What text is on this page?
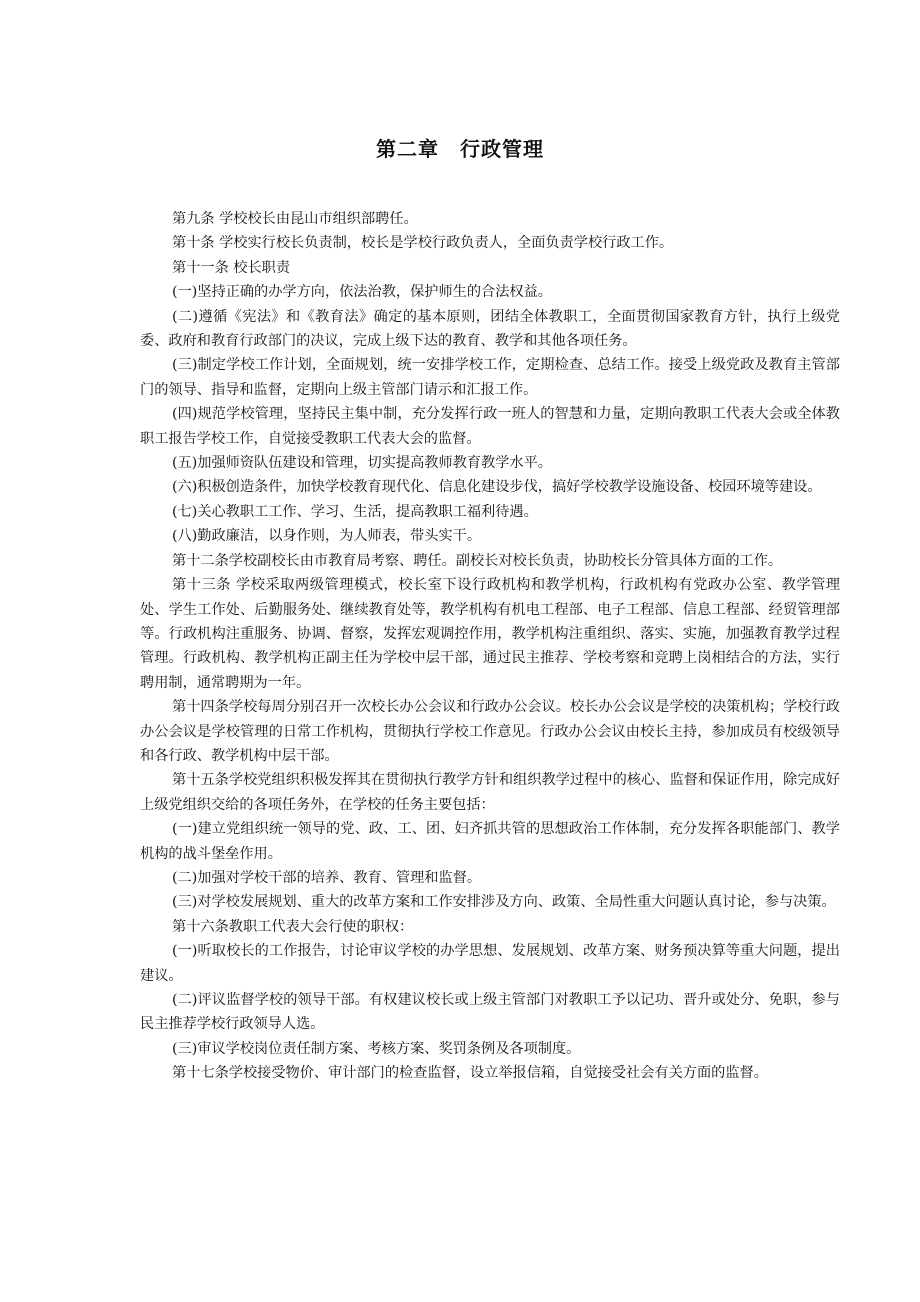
第二章　行政管理

第九条 学校校长由昆山市组织部聘任。

第十条 学校实行校长负责制，校长是学校行政负责人，全面负责学校行政工作。

第十一条 校长职责

(一)坚持正确的办学方向，依法治教，保护师生的合法权益。

(二)遵循《宪法》和《教育法》确定的基本原则，团结全体教职工，全面贯彻国家教育方针，执行上级党委、政府和教育行政部门的决议，完成上级下达的教育、教学和其他各项任务。

(三)制定学校工作计划，全面规划，统一安排学校工作，定期检查、总结工作。接受上级党政及教育主管部门的领导、指导和监督，定期向上级主管部门请示和汇报工作。

(四)规范学校管理，坚持民主集中制，充分发挥行政一班人的智慧和力量，定期向教职工代表大会或全体教职工报告学校工作，自觉接受教职工代表大会的监督。

(五)加强师资队伍建设和管理，切实提高教师教育教学水平。

(六)积极创造条件，加快学校教育现代化、信息化建设步伐，搞好学校教学设施设备、校园环境等建设。

(七)关心教职工工作、学习、生活，提高教职工福利待遇。

(八)勤政廉洁，以身作则，为人师表，带头实干。

第十二条学校副校长由市教育局考察、聘任。副校长对校长负责，协助校长分管具体方面的工作。

第十三条 学校采取两级管理模式，校长室下设行政机构和教学机构，行政机构有党政办公室、教学管理处、学生工作处、后勤服务处、继续教育处等，教学机构有机电工程部、电子工程部、信息工程部、经贸管理部等。行政机构注重服务、协调、督察，发挥宏观调控作用，教学机构注重组织、落实、实施，加强教育教学过程管理。行政机构、教学机构正副主任为学校中层干部，通过民主推荐、学校考察和竞聘上岗相结合的方法，实行聘用制，通常聘期为一年。

第十四条学校每周分别召开一次校长办公会议和行政办公会议。校长办公会议是学校的决策机构；学校行政办公会议是学校管理的日常工作机构，贯彻执行学校工作意见。行政办公会议由校长主持，参加成员有校级领导和各行政、教学机构中层干部。

第十五条学校党组织积极发挥其在贯彻执行教学方针和组织教学过程中的核心、监督和保证作用，除完成好上级党组织交给的各项任务外，在学校的任务主要包括：

(一)建立党组织统一领导的党、政、工、团、妇齐抓共管的思想政治工作体制，充分发挥各职能部门、教学机构的战斗堡垒作用。

(二)加强对学校干部的培养、教育、管理和监督。

(三)对学校发展规划、重大的改革方案和工作安排涉及方向、政策、全局性重大问题认真讨论，参与决策。

第十六条教职工代表大会行使的职权：

(一)听取校长的工作报告，讨论审议学校的办学思想、发展规划、改革方案、财务预决算等重大问题，提出建议。

(二)评议监督学校的领导干部。有权建议校长或上级主管部门对教职工予以记功、晋升或处分、免职，参与民主推荐学校行政领导人选。

(三)审议学校岗位责任制方案、考核方案、奖罚条例及各项制度。

第十七条学校接受物价、审计部门的检查监督，设立举报信箱，自觉接受社会有关方面的监督。
